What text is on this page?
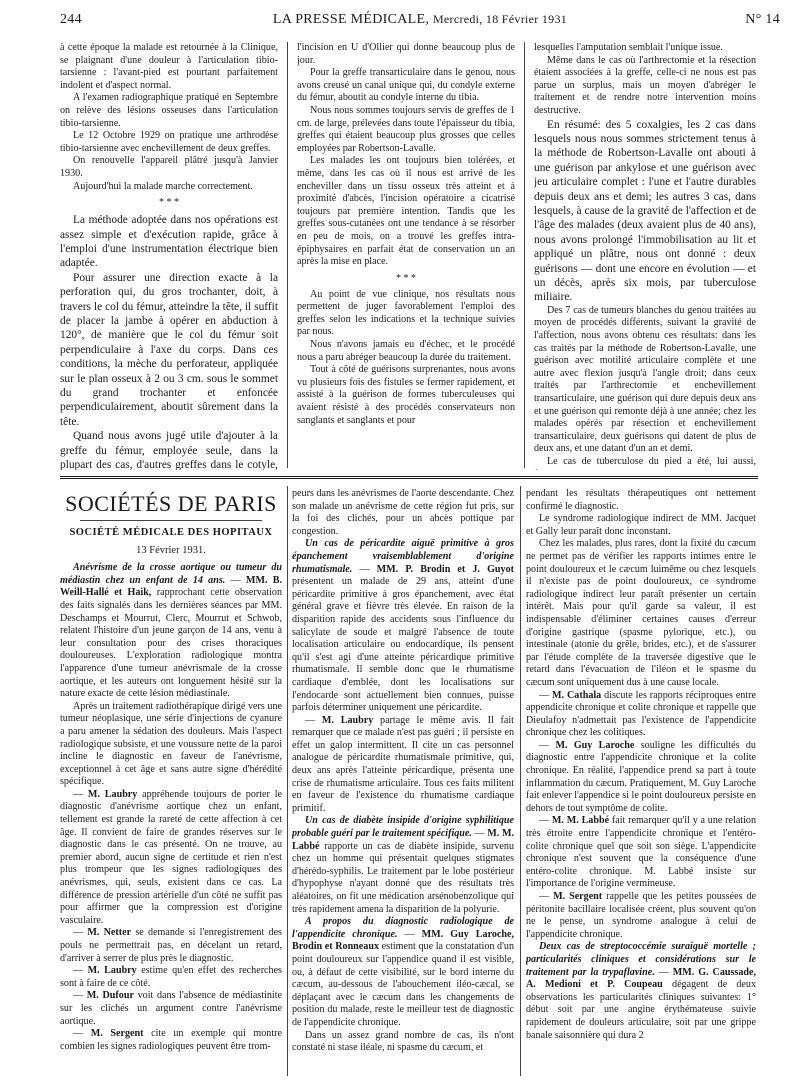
244	LA PRESSE MÉDICALE, Mercredi, 18 Février 1931	N° 14

à cette époque la malade est retournée à la Clinique, se plaignant d'une douleur à l'articulation tibio-tarsienne : l'avant-pied est pourtant parfaitement indolent et d'aspect normal.

A l'examen radiographique pratiqué en Septembre on relève des lésions osseuses dans l'articulation tibio-tarsienne.

Le 12 Octobre 1929 on pratique une arthrodèse tibio-tarsienne avec enchevillement de deux greffes.

On renouvelle l'appareil plâtré jusqu'à Janvier 1930.

Aujourd'hui la malade marche correctement.

* * *

La méthode adoptée dans nos opérations est assez simple et d'exécution rapide, grâce à l'emploi d'une instrumentation électrique bien adaptée.

Pour assurer une direction exacte à la perforation qui, du gros trochanter, doit, à travers le col du fémur, atteindre la tête, il suffit de placer la jambe à opérer en abduction à 120°, de manière que le col du fémur soit perpendiculaire à l'axe du corps. Dans ces conditions, la mèche du perforateur, appliquée sur le plan osseux à 2 ou 3 cm. sous le sommet du grand trochanter et enfoncée perpendiculairement, aboutit sûrement dans la tête.

Quand nous avons jugé utile d'ajouter à la greffe du fémur, employée seule, dans la plupart des cas, d'autres greffes dans le cotyle,

l'incision en U d'Ollier qui donne beaucoup plus de jour.

Pour la greffe transarticulaire dans le genou, nous avons creusé un canal unique qui, du condyle externe du fémur, aboutit au condyle interne du tibia.

Nous nous sommes toujours servis de greffes de 1 cm. de large, prélevées dans toute l'épaisseur du tibia, greffes qui étaient beaucoup plus grosses que celles employées par Robertson-Lavalle.

Les malades les ont toujours bien tolérées, et même, dans les cas où il nous est arrivé de les encheviller dans un tissu osseux très atteint et à proximité d'abcès, l'incision opératoire a cicatrisé toujours par première intention. Tandis que les greffes sous-cutanées ont une tendance à se résorber en peu de mois, on a trouvé les greffes intra-épiphysaires en parfait état de conservation un an après la mise en place.

* * *

Au point de vue clinique, nos résultats nous permettent de juger favorablement l'emploi des greffes selon les indications et la technique suivies par nous.

Nous n'avons jamais eu d'échec, et le procédé nous a paru abréger beaucoup la durée du traitement.

Tout à côté de guérisons surprenantes, nous avons vu plusieurs fois des fistules se fermer rapidement, et assisté à la guérison de formes tuberculeuses qui avaient résisté à des procédés conservateurs non sanglants et sanglants et pour

lesquelles l'amputation semblait l'unique issue.

Même dans le cas où l'arthrectomie et la résection étaient associées à la greffe, celle-ci ne nous est pas parue un surplus, mais un moyen d'abréger le traitement et de rendre notre intervention moins destructive.

En résumé: des 5 coxalgies, les 2 cas dans lesquels nous nous sommes strictement tenus à la méthode de Robertson-Lavalle ont abouti à une guérison par ankylose et une guérison avec jeu articulaire complet : l'une et l'autre durables depuis deux ans et demi; les autres 3 cas, dans lesquels, à cause de la gravité de l'affection et de l'âge des malades (deux avaient plus de 40 ans), nous avons prolongé l'immobilisation au lit et appliqué un plâtre, nous ont donné : deux guérisons — dont une encore en évolution — et un décès, après six mois, par tuberculose miliaire.

Des 7 cas de tumeurs blanches du genou traitées au moyen de procédés différents, suivant la gravité de l'affection, nous avons obtenu ces résultats: dans les cas traités par la méthode de Robertson-Lavalle, une guérison avec motilité articulaire complète et une autre avec flexion jusqu'à l'angle droit; dans ceux traités par l'arthrectomie et enchevillement transarticulaire, une guérison qui dure depuis deux ans et une guérison qui remonte déjà à une année; chez les malades opérés par résection et enchevillement transarticulaire, deux guérisons qui datent de plus de deux ans, et une datant d'un an et demi.

Le cas de tuberculose du pied a été, lui aussi,

SOCIÉTÉS DE PARIS
SOCIÉTÉ MÉDICALE DES HOPITAUX
13 Février 1931.

Anévrisme de la crosse aortique ou tumeur du médiastin chez un enfant de 14 ans. — MM. B. Weill-Hallé et Haik, rapprochant cette observation des faits signalés dans les dernières séances par MM. Deschamps et Mourrut, Clerc, Mourrut et Schwob, relatent l'histoire d'un jeune garçon de 14 ans, venu à leur consultation pour des crises thoraciques douloureuses. L'exploration radiologique montra l'apparence d'une tumeur anévrismale de la crosse aortique, et les auteurs ont longuement hésité sur la nature exacte de cette lésion médiastinale.

Après un traitement radiothérapique dirigé vers une tumeur néoplasique, une série d'injections de cyanure a paru amener la sédation des douleurs. Mais l'aspect radiologique subsiste, et une voussure nette de la paroi incline le diagnostic en faveur de l'anévrisme, exceptionnel à cet âge et sans autre signe d'hérédité spécifique.

— M. Laubry appréhende toujours de porter le diagnostic d'anévrisme aortique chez un enfant, tellement est grande la rareté de cette affection à cet âge. Il convient de faire de grandes réserves sur le diagnostic dans le cas présenté. On ne trouve, au premier abord, aucun signe de certitude et rien n'est plus trompeur que les signes radiologiques des anévrismes, qui, seuls, existent dans ce cas. La différence de pression artérielle d'un côté ne suffit pas pour affirmer que la compression est d'origine vasculaire.

— M. Netter se demande si l'enregistrement des pouls ne permettrait pas, en décelant un retard, d'arriver à serrer de plus près le diagnostic.

— M. Laubry estime qu'en effet des recherches sont à faire de ce côté.

— M. Dufour voit dans l'absence de médiastinite sur les clichés un argument contre l'anévrisme aortique.

— M. Sergent cite un exemple qui montre combien les signes radiologiques peuvent être trom-

peurs dans les anévrismes de l'aorte descendante. Chez son malade un anévrisme de cette région fut pris, sur la foi des clichés, pour un abcès pottique par congestion.

Un cas de péricardite aiguë primitive à gros épanchement vraisemblablement d'origine rhumatismale. — MM. P. Brodin et J. Guyot présentent un malade de 29 ans, atteint d'une péricardite primitive à gros épanchement, avec état général grave et fièvre très élevée. En raison de la disparition rapide des accidents sous l'influence du salicylate de soude et malgré l'absence de toute localisation articulaire ou endocardique, ils pensent qu'il s'est agi d'une atteinte péricardique primitive rhumatismale. Il semble donc que le rhumatisme cardiaque d'emblée, dont les localisations sur l'endocarde sont actuellement bien connues, puisse parfois déterminer uniquement une péricardite.

— M. Laubry partage le même avis. Il fait remarquer que ce malade n'est pas guéri ; il persiste en effet un galop intermittent. Il cite un cas personnel analogue de péricardite rhumatismale primitive, qui, deux ans après l'atteinte péricardique, présenta une crise de rhumatisme articulaire. Tous ces faits militent en faveur de l'existence du rhumatisme cardiaque primitif.

Un cas de diabète insipide d'origine syphilitique probable guéri par le traitement spécifique. — M. M. Labbé rapporte un cas de diabète insipide, survenu chez un homme qui présentait quelques stigmates d'hérédo-syphilis. Le traitement par le lobe postérieur d'hypophyse n'ayant donné que des résultats très aléatoires, on fit une médication arsénobenzolique qui très rapidement amena la disparition de la polyurie.

A propos du diagnostic radiologique de l'appendicite chronique. — MM. Guy Laroche, Brodin et Ronneaux estiment que la constatation d'un point douloureux sur l'appendice quand il est visible, ou, à défaut de cette visibilité, sur le bord interne du cæcum, au-dessous de l'abouchement iléo-cæcal, se déplaçant avec le cæcum dans les changements de position du malade, reste le meilleur test de diagnostic de l'appendicite chronique.

Dans un assez grand nombre de cas, ils n'ont constaté ni stase iléale, ni spasme du cæcum, et

pendant les résultats thérapeutiques ont nettement confirmé le diagnostic.

Le syndrome radiologique indirect de MM. Jacquet et Gally leur paraît donc inconstant.

Chez les malades, plus rares, dont la fixité du cæcum ne permet pas de vérifier les rapports intimes entre le point douloureux et le cæcum luimême ou chez lesquels il n'existe pas de point douloureux, ce syndrome radiologique indirect leur paraît présenter un certain intérêt. Mais pour qu'il garde sa valeur, il est indispensable d'éliminer certaines causes d'erreur d'origine gastrique (spasme pylorique, etc.), ou intestinale (atonie du grêle, brides, etc.), et de s'assurer par l'étude complète de la traversée digestive que le retard dans l'évacuation de l'iléon et le spasme du cæcum sont uniquement dus à une cause locale.

— M. Cathala discute les rapports réciproques entre appendicite chronique et colite chronique et rappelle que Dieulafoy n'admettait pas l'existence de l'appendicite chronique chez les colitiques.

— M. Guy Laroche souligne les difficultés du diagnostic entre l'appendicite chronique et la colite chronique. En réalité, l'appendice prend sa part à toute inflammation du cæcum. Pratiquement, M. Guy Laroche fait enlever l'appendice si le point douloureux persiste en dehors de tout symptôme de colite.

— M. M. Labbé fait remarquer qu'il y a une relation très étroite entre l'appendicite chronique et l'entéro-colite chronique quel que soit son siège. L'appendicite chronique n'est souvent que la conséquence d'une entéro-colite chronique. M. Labbé insiste sur l'importance de l'origine vermineuse.

— M. Sergent rappelle que les petites poussées de péritonite bacillaire localisée créent, plus souvent qu'on ne le pense, un syndrome analogue à celui de l'appendicite chronique.

Deux cas de streptococcémie suraiguë mortelle ; particularités cliniques et considérations sur le traitement par la trypaflavine. — MM. G. Caussade, A. Medioni et P. Coupeau dégagent de deux observations les particularités cliniques suivantes: 1° début soit par une angine érythémateuse suivie rapidement de douleurs articulaire, soit par une grippe banale saisonnière qui dura 2
